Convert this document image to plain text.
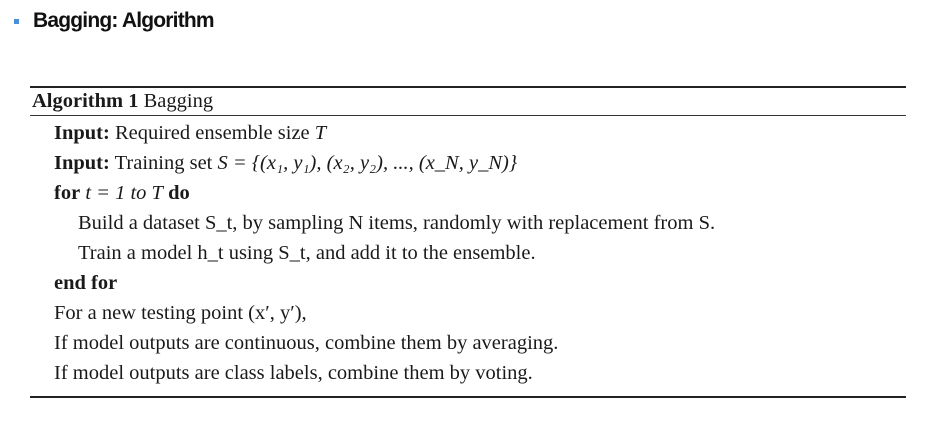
Bagging: Algorithm
Algorithm 1 Bagging
Input: Required ensemble size T
Input: Training set S = {(x₁, y₁), (x₂, y₂), ..., (x_N, y_N)}
for t = 1 to T do
Build a dataset S_t, by sampling N items, randomly with replacement from S.
Train a model h_t using S_t, and add it to the ensemble.
end for
For a new testing point (x′, y′),
If model outputs are continuous, combine them by averaging.
If model outputs are class labels, combine them by voting.
